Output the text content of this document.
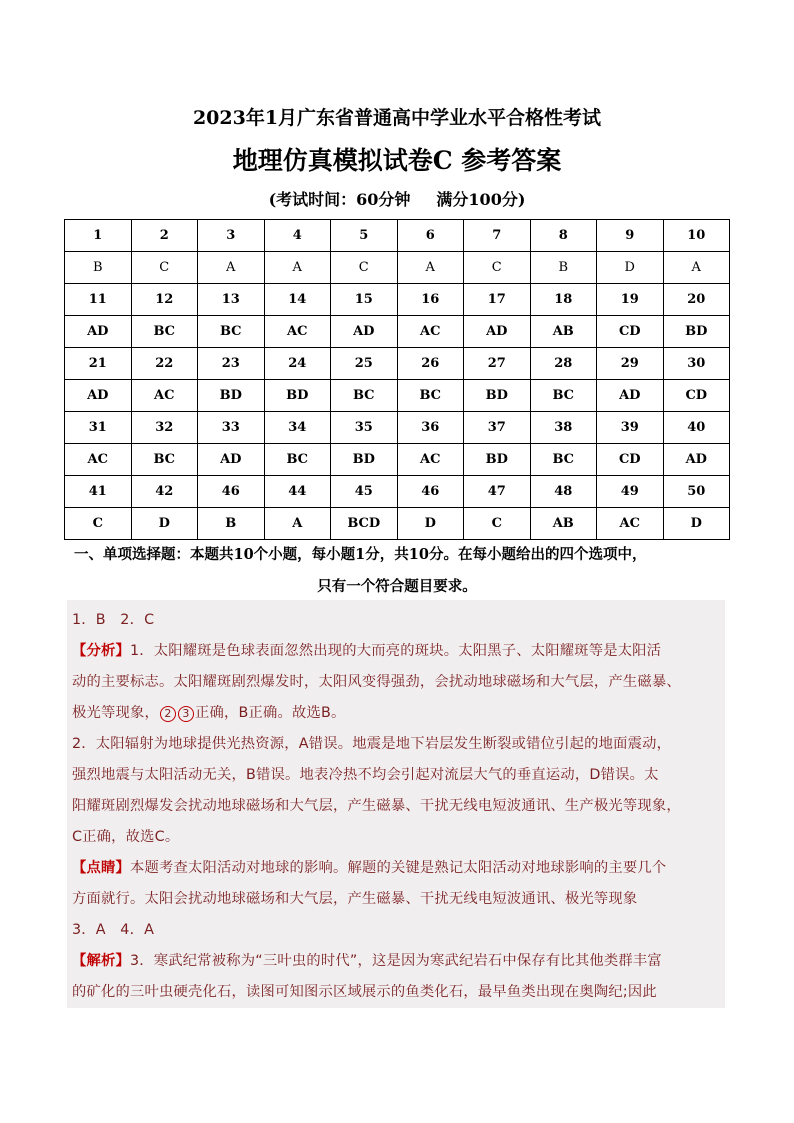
2023年1月广东省普通高中学业水平合格性考试
地理仿真模拟试卷C 参考答案
(考试时间：60分钟 满分100分)
1	2	3	4	5	6	7	8	9	10
B	C	A	A	C	A	C	B	D	A
11	12	13	14	15	16	17	18	19	20
AD	BC	BC	AC	AD	AC	AD	AB	CD	BD
21	22	23	24	25	26	27	28	29	30
AD	AC	BD	BD	BC	BC	BD	BC	AD	CD
31	32	33	34	35	36	37	38	39	40
AC	BC	AD	BC	BD	AC	BD	BC	CD	AD
41	42	46	44	45	46	47	48	49	50
C	D	B	A	BCD	D	C	AB	AC	D
一、单项选择题：本题共10个小题，每小题1分，共10分。在每小题给出的四个选项中，
只有一个符合题目要求。
1．B　2．C
【分析】1．太阳耀斑是色球表面忽然出现的大而亮的斑块。太阳黑子、太阳耀斑等是太阳活
动的主要标志。太阳耀斑剧烈爆发时，太阳风变得强劲，会扰动地球磁场和大气层，产生磁暴、
极光等现象， 2 3 正确，B正确。故选B。
2．太阳辐射为地球提供光热资源，A错误。地震是地下岩层发生断裂或错位引起的地面震动，
强烈地震与太阳活动无关，B错误。地表冷热不均会引起对流层大气的垂直运动，D错误。太
阳耀斑剧烈爆发会扰动地球磁场和大气层，产生磁暴、干扰无线电短波通讯、生产极光等现象，
C正确，故选C。
【点睛】本题考查太阳活动对地球的影响。解题的关键是熟记太阳活动对地球影响的主要几个
方面就行。太阳会扰动地球磁场和大气层，产生磁暴、干扰无线电短波通讯、极光等现象
3．A　4．A
【解析】3．寒武纪常被称为“三叶虫的时代”，这是因为寒武纪岩石中保存有比其他类群丰富
的矿化的三叶虫硬壳化石，读图可知图示区域展示的鱼类化石，最早鱼类出现在奥陶纪;因此
